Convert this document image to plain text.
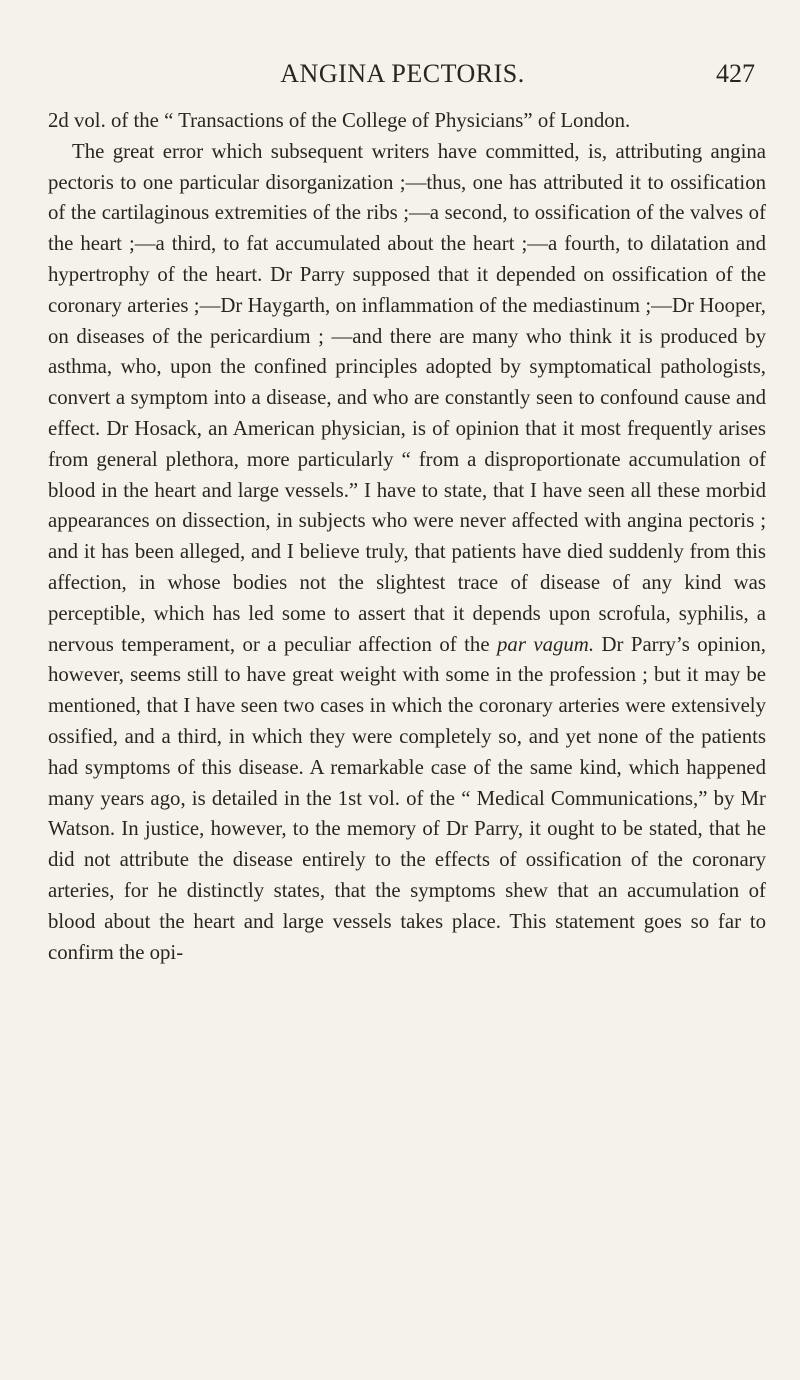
ANGINA PECTORIS.	427

2d vol. of the “ Transactions of the College of Physicians” of London.

The great error which subsequent writers have committed, is, attributing angina pectoris to one particular disorganization ;—thus, one has attributed it to ossification of the cartilaginous extremities of the ribs ;—a second, to ossification of the valves of the heart ;—a third, to fat accumulated about the heart ;—a fourth, to dilatation and hypertrophy of the heart. Dr Parry supposed that it depended on ossification of the coronary arteries ;—Dr Haygarth, on inflammation of the mediastinum ;—Dr Hooper, on diseases of the pericardium ; —and there are many who think it is produced by asthma, who, upon the confined principles adopted by symptomatical pathologists, convert a symptom into a disease, and who are constantly seen to confound cause and effect. Dr Hosack, an American physician, is of opinion that it most frequently arises from general plethora, more particularly “ from a disproportionate accumulation of blood in the heart and large vessels.” I have to state, that I have seen all these morbid appearances on dissection, in subjects who were never affected with angina pectoris ; and it has been alleged, and I believe truly, that patients have died suddenly from this affection, in whose bodies not the slightest trace of disease of any kind was perceptible, which has led some to assert that it depends upon scrofula, syphilis, a nervous temperament, or a peculiar affection of the par vagum. Dr Parry’s opinion, however, seems still to have great weight with some in the profession ; but it may be mentioned, that I have seen two cases in which the coronary arteries were extensively ossified, and a third, in which they were completely so, and yet none of the patients had symptoms of this disease. A remarkable case of the same kind, which happened many years ago, is detailed in the 1st vol. of the “ Medical Communications,” by Mr Watson. In justice, however, to the memory of Dr Parry, it ought to be stated, that he did not attribute the disease entirely to the effects of ossification of the coronary arteries, for he distinctly states, that the symptoms shew that an accumulation of blood about the heart and large vessels takes place. This statement goes so far to confirm the opi-
